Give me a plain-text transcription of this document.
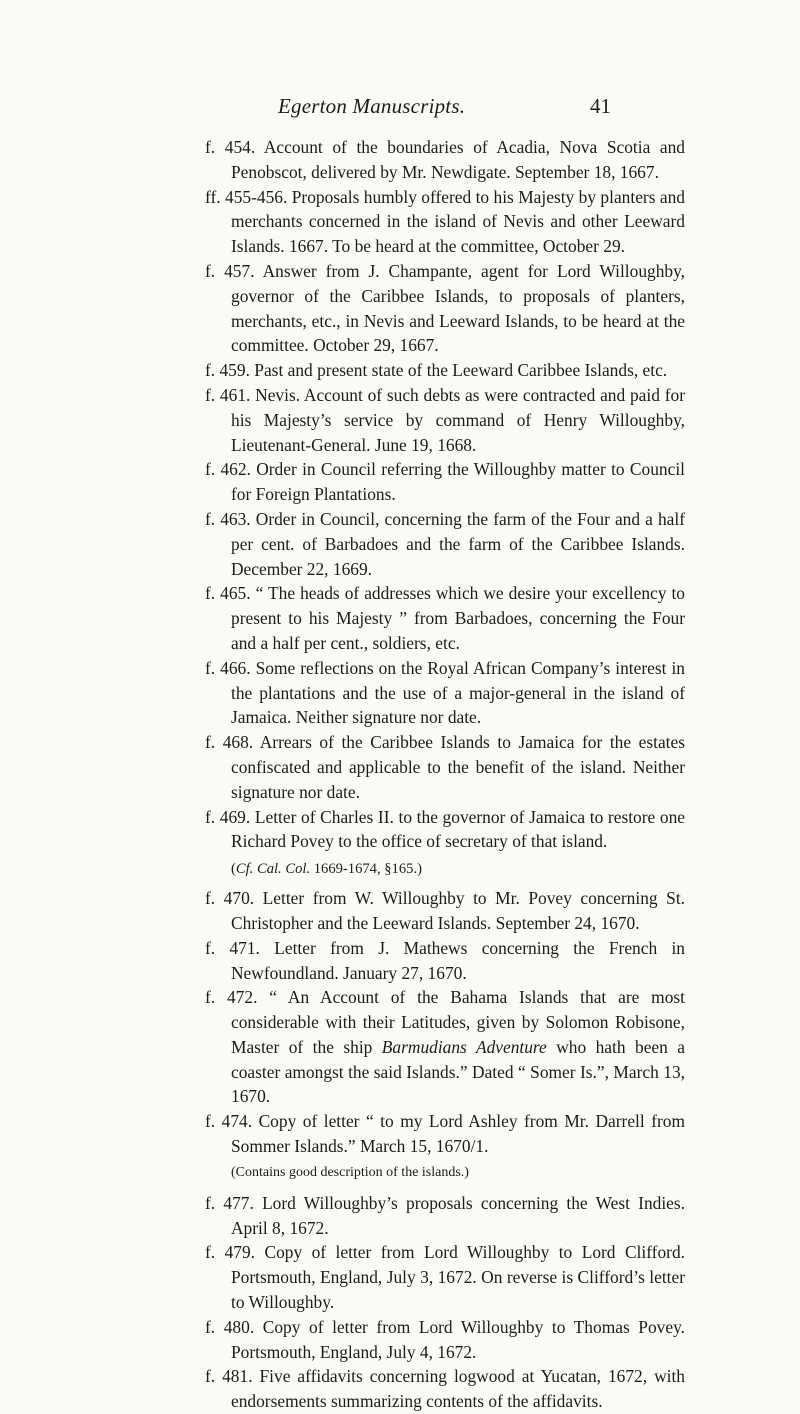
Egerton Manuscripts.	41

f. 454. Account of the boundaries of Acadia, Nova Scotia and Penobscot, delivered by Mr. Newdigate. September 18, 1667.

ff. 455-456. Proposals humbly offered to his Majesty by planters and merchants concerned in the island of Nevis and other Leeward Islands. 1667. To be heard at the committee, October 29.

f. 457. Answer from J. Champante, agent for Lord Willoughby, governor of the Caribbee Islands, to proposals of planters, merchants, etc., in Nevis and Leeward Islands, to be heard at the committee. October 29, 1667.

f. 459. Past and present state of the Leeward Caribbee Islands, etc.

f. 461. Nevis. Account of such debts as were contracted and paid for his Majesty’s service by command of Henry Willoughby, Lieutenant-General. June 19, 1668.

f. 462. Order in Council referring the Willoughby matter to Council for Foreign Plantations.

f. 463. Order in Council, concerning the farm of the Four and a half per cent. of Barbadoes and the farm of the Caribbee Islands. December 22, 1669.

f. 465. “ The heads of addresses which we desire your excellency to present to his Majesty ” from Barbadoes, concerning the Four and a half per cent., soldiers, etc.

f. 466. Some reflections on the Royal African Company’s interest in the plantations and the use of a major-general in the island of Jamaica. Neither signature nor date.

f. 468. Arrears of the Caribbee Islands to Jamaica for the estates confiscated and applicable to the benefit of the island. Neither signature nor date.

f. 469. Letter of Charles II. to the governor of Jamaica to restore one Richard Povey to the office of secretary of that island.

(Cf. Cal. Col. 1669-1674, §165.)

f. 470. Letter from W. Willoughby to Mr. Povey concerning St. Christopher and the Leeward Islands. September 24, 1670.

f. 471. Letter from J. Mathews concerning the French in Newfoundland. January 27, 1670.

f. 472. “ An Account of the Bahama Islands that are most considerable with their Latitudes, given by Solomon Robisone, Master of the ship Barmudians Adventure who hath been a coaster amongst the said Islands.” Dated “ Somer Is.”, March 13, 1670.

f. 474. Copy of letter “ to my Lord Ashley from Mr. Darrell from Sommer Islands.” March 15, 1670/1.

(Contains good description of the islands.)

f. 477. Lord Willoughby’s proposals concerning the West Indies. April 8, 1672.

f. 479. Copy of letter from Lord Willoughby to Lord Clifford. Portsmouth, England, July 3, 1672. On reverse is Clifford’s letter to Willoughby.

f. 480. Copy of letter from Lord Willoughby to Thomas Povey. Portsmouth, England, July 4, 1672.

f. 481. Five affidavits concerning logwood at Yucatan, 1672, with endorsements summarizing contents of the affidavits.
